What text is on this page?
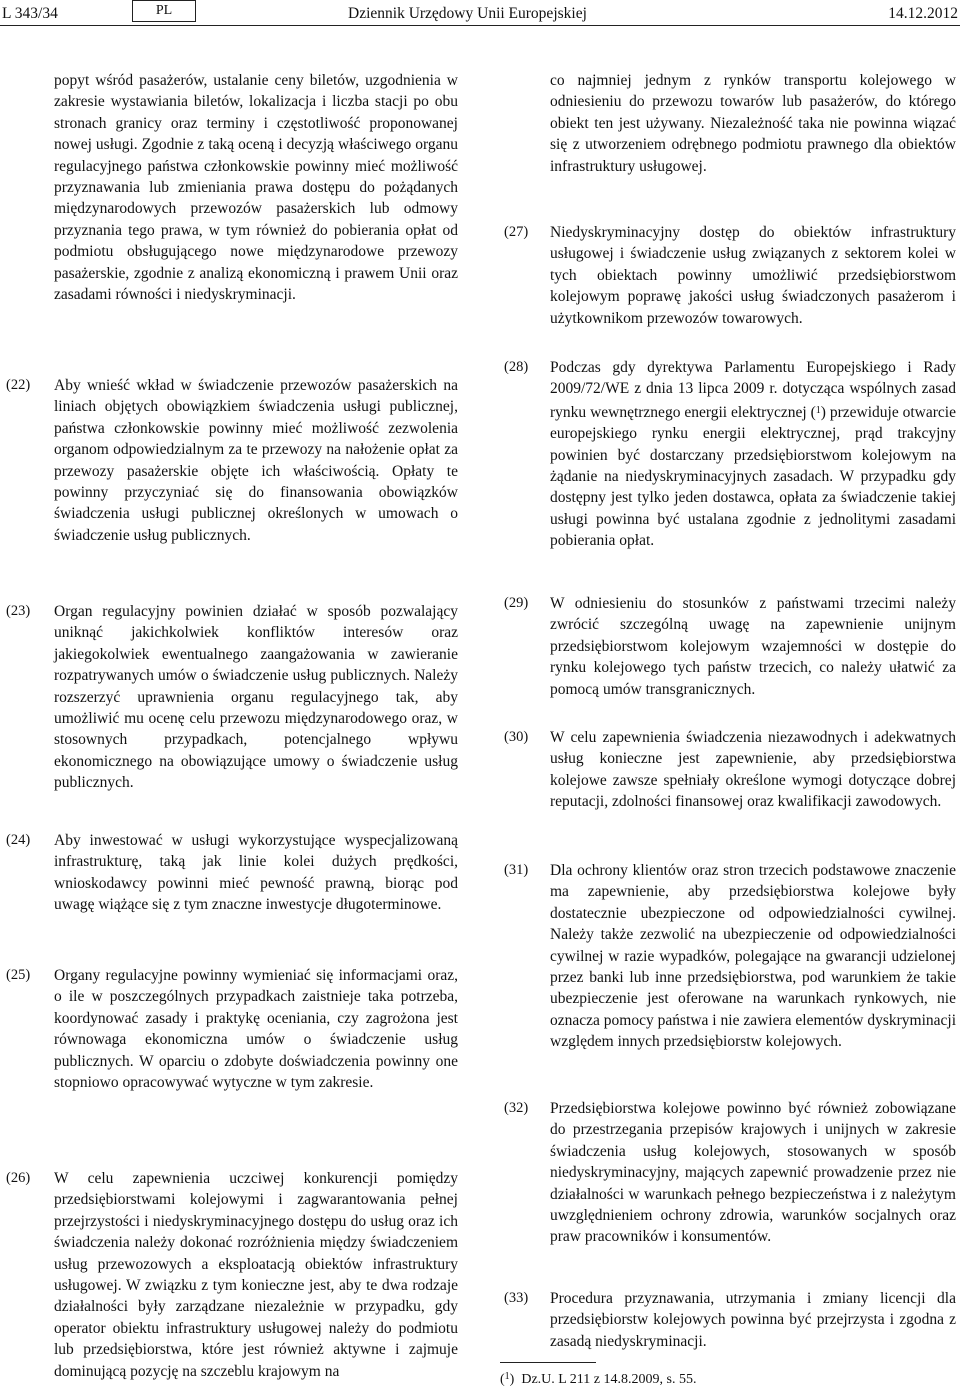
L 343/34	PL	Dziennik Urzędowy Unii Europejskiej	14.12.2012
popyt wśród pasażerów, ustalanie ceny biletów, uzgodnienia w zakresie wystawiania biletów, lokalizacja i liczba stacji po obu stronach granicy oraz terminy i częstotliwość proponowanej nowej usługi. Zgodnie z taką oceną i decyzją właściwego organu regulacyjnego państwa członkowskie powinny mieć możliwość przyznawania lub zmieniania prawa dostępu do pożądanych międzynarodowych przewozów pasażerskich lub odmowy przyznania tego prawa, w tym również do pobierania opłat od podmiotu obsługującego nowe międzynarodowe przewozy pasażerskie, zgodnie z analizą ekonomiczną i prawem Unii oraz zasadami równości i niedyskryminacji.
(22) Aby wnieść wkład w świadczenie przewozów pasażerskich na liniach objętych obowiązkiem świadczenia usługi publicznej, państwa członkowskie powinny mieć możliwość zezwolenia organom odpowiedzialnym za te przewozy na nałożenie opłat za przewozy pasażerskie objęte ich właściwością. Opłaty te powinny przyczyniać się do finansowania obowiązków świadczenia usługi publicznej określonych w umowach o świadczenie usług publicznych.
(23) Organ regulacyjny powinien działać w sposób pozwalający uniknąć jakichkolwiek konfliktów interesów oraz jakiegokolwiek ewentualnego zaangażowania w zawieranie rozpatrywanych umów o świadczenie usług publicznych. Należy rozszerzyć uprawnienia organu regulacyjnego tak, aby umożliwić mu ocenę celu przewozu międzynarodowego oraz, w stosownych przypadkach, potencjalnego wpływu ekonomicznego na obowiązujące umowy o świadczenie usług publicznych.
(24) Aby inwestować w usługi wykorzystujące wyspecjalizowaną infrastrukturę, taką jak linie kolei dużych prędkości, wnioskodawcy powinni mieć pewność prawną, biorąc pod uwagę wiążące się z tym znaczne inwestycje długoterminowe.
(25) Organy regulacyjne powinny wymieniać się informacjami oraz, o ile w poszczególnych przypadkach zaistnieje taka potrzeba, koordynować zasady i praktykę oceniania, czy zagrożona jest równowaga ekonomiczna umów o świadczenie usług publicznych. W oparciu o zdobyte doświadczenia powinny one stopniowo opracowywać wytyczne w tym zakresie.
(26) W celu zapewnienia uczciwej konkurencji pomiędzy przedsiębiorstwami kolejowymi i zagwarantowania pełnej przejrzystości i niedyskryminacyjnego dostępu do usług oraz ich świadczenia należy dokonać rozróżnienia między świadczeniem usług przewozowych a eksploatacją obiektów infrastruktury usługowej. W związku z tym konieczne jest, aby te dwa rodzaje działalności były zarządzane niezależnie w przypadku, gdy operator obiektu infrastruktury usługowej należy do podmiotu lub przedsiębiorstwa, które jest również aktywne i zajmuje dominującą pozycję na szczeblu krajowym na
co najmniej jednym z rynków transportu kolejowego w odniesieniu do przewozu towarów lub pasażerów, do którego obiekt ten jest używany. Niezależność taka nie powinna wiązać się z utworzeniem odrębnego podmiotu prawnego dla obiektów infrastruktury usługowej.
(27) Niedyskryminacyjny dostęp do obiektów infrastruktury usługowej i świadczenie usług związanych z sektorem kolei w tych obiektach powinny umożliwić przedsiębiorstwom kolejowym poprawę jakości usług świadczonych pasażerom i użytkownikom przewozów towarowych.
(28) Podczas gdy dyrektywa Parlamentu Europejskiego i Rady 2009/72/WE z dnia 13 lipca 2009 r. dotycząca wspólnych zasad rynku wewnętrznego energii elektrycznej ($^1$) przewiduje otwarcie europejskiego rynku energii elektrycznej, prąd trakcyjny powinien być dostarczany przedsiębiorstwom kolejowym na żądanie na niedyskryminacyjnych zasadach. W przypadku gdy dostępny jest tylko jeden dostawca, opłata za świadczenie takiej usługi powinna być ustalana zgodnie z jednolitymi zasadami pobierania opłat.
(29) W odniesieniu do stosunków z państwami trzecimi należy zwrócić szczególną uwagę na zapewnienie unijnym przedsiębiorstwom kolejowym wzajemności w dostępie do rynku kolejowego tych państw trzecich, co należy ułatwić za pomocą umów transgranicznych.
(30) W celu zapewnienia świadczenia niezawodnych i adekwatnych usług konieczne jest zapewnienie, aby przedsiębiorstwa kolejowe zawsze spełniały określone wymogi dotyczące dobrej reputacji, zdolności finansowej oraz kwalifikacji zawodowych.
(31) Dla ochrony klientów oraz stron trzecich podstawowe znaczenie ma zapewnienie, aby przedsiębiorstwa kolejowe były dostatecznie ubezpieczone od odpowiedzialności cywilnej. Należy także zezwolić na ubezpieczenie od odpowiedzialności cywilnej w razie wypadków, polegające na gwarancji udzielonej przez banki lub inne przedsiębiorstwa, pod warunkiem że takie ubezpieczenie jest oferowane na warunkach rynkowych, nie oznacza pomocy państwa i nie zawiera elementów dyskryminacji względem innych przedsiębiorstw kolejowych.
(32) Przedsiębiorstwa kolejowe powinno być również zobowiązane do przestrzegania przepisów krajowych i unijnych w zakresie świadczenia usług kolejowych, stosowanych w sposób niedyskryminacyjny, mających zapewnić prowadzenie przez nie działalności w warunkach pełnego bezpieczeństwa i z należytym uwzględnieniem ochrony zdrowia, warunków socjalnych oraz praw pracowników i konsumentów.
(33) Procedura przyznawania, utrzymania i zmiany licencji dla przedsiębiorstw kolejowych powinna być przejrzysta i zgodna z zasadą niedyskryminacji.
($^1$)  Dz.U. L 211 z 14.8.2009, s. 55.
